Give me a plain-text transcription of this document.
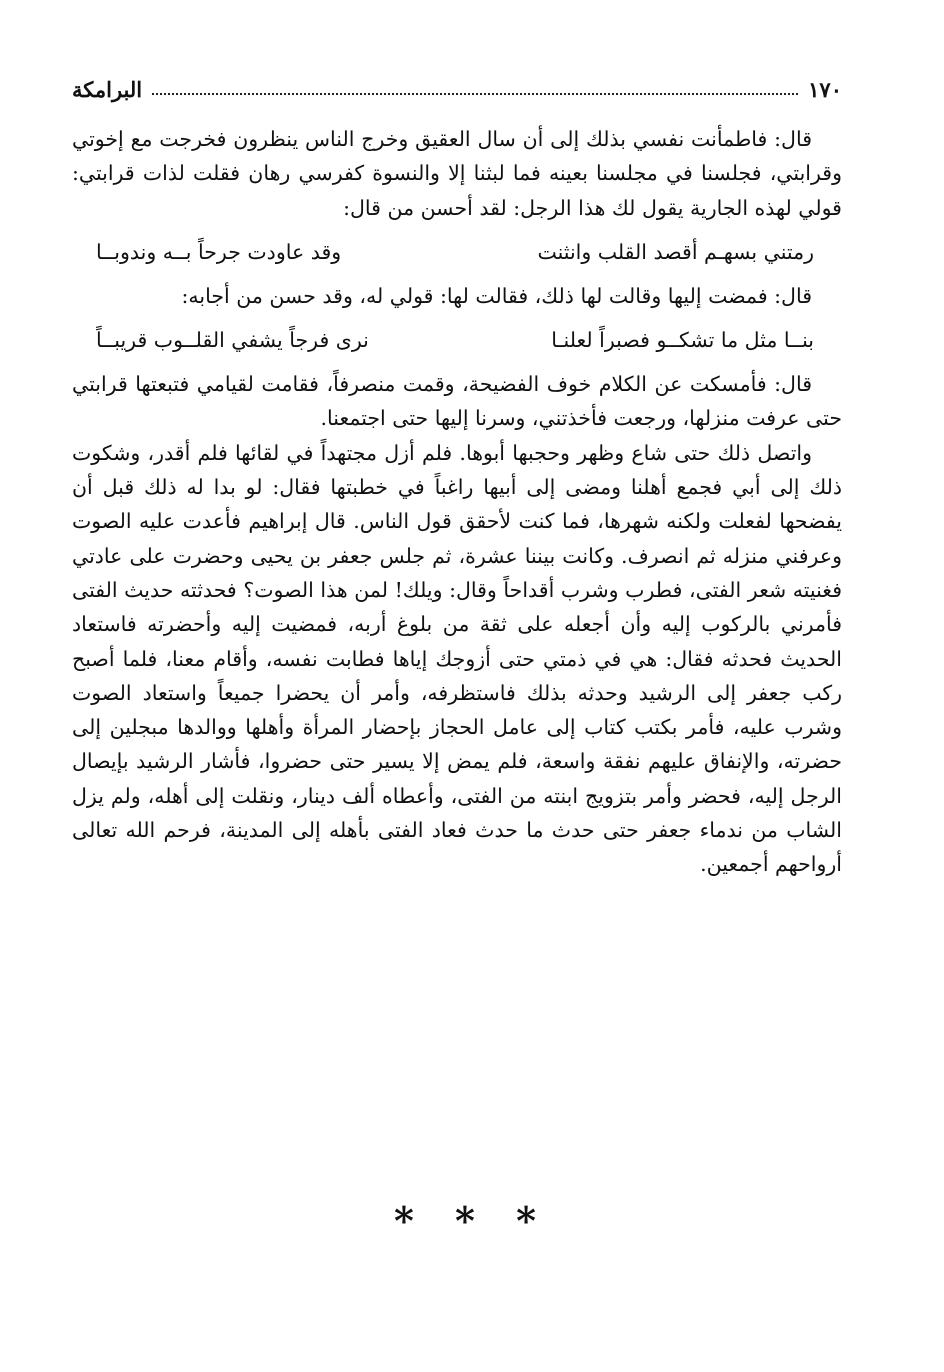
١٧٠
البرامكة

قال: فاطمأنت نفسي بذلك إلى أن سال العقيق وخرج الناس ينظرون فخرجت مع إخوتي وقرابتي، فجلسنا في مجلسنا بعينه فما لبثنا إلا والنسوة كفرسي رهان فقلت لذات قرابتي: قولي لهذه الجارية يقول لك هذا الرجل: لقد أحسن من قال:

رمتني بسهـم أقصد القلب وانثنت
وقد عاودت جرحاً بــه وندوبــا

قال: فمضت إليها وقالت لها ذلك، فقالت لها: قولي له، وقد حسن من أجابه:

بنــا مثل ما تشكــو فصبراً لعلنـا
نرى فرجاً يشفي القلــوب قريبــاً

قال: فأمسكت عن الكلام خوف الفضيحة، وقمت منصرفاً، فقامت لقيامي فتبعتها قرابتي حتى عرفت منزلها، ورجعت فأخذتني، وسرنا إليها حتى اجتمعنا.

واتصل ذلك حتى شاع وظهر وحجبها أبوها. فلم أزل مجتهداً في لقائها فلم أقدر، وشكوت ذلك إلى أبي فجمع أهلنا ومضى إلى أبيها راغباً في خطبتها فقال: لو بدا له ذلك قبل أن يفضحها لفعلت ولكنه شهرها، فما كنت لأحقق قول الناس. قال إبراهيم فأعدت عليه الصوت وعرفني منزله ثم انصرف. وكانت بيننا عشرة، ثم جلس جعفر بن يحيى وحضرت على عادتي فغنيته شعر الفتى، فطرب وشرب أقداحاً وقال: ويلك! لمن هذا الصوت؟ فحدثته حديث الفتى فأمرني بالركوب إليه وأن أجعله على ثقة من بلوغ أربه، فمضيت إليه وأحضرته فاستعاد الحديث فحدثه فقال: هي في ذمتي حتى أزوجك إياها فطابت نفسه، وأقام معنا، فلما أصبح ركب جعفر إلى الرشيد وحدثه بذلك فاستظرفه، وأمر أن يحضرا جميعاً واستعاد الصوت وشرب عليه، فأمر بكتب كتاب إلى عامل الحجاز بإحضار المرأة وأهلها ووالدها مبجلين إلى حضرته، والإنفاق عليهم نفقة واسعة، فلم يمض إلا يسير حتى حضروا، فأشار الرشيد بإيصال الرجل إليه، فحضر وأمر بتزويج ابنته من الفتى، وأعطاه ألف دينار، ونقلت إلى أهله، ولم يزل الشاب من ندماء جعفر حتى حدث ما حدث فعاد الفتى بأهله إلى المدينة، فرحم الله تعالى أرواحهم أجمعين.

* * *
